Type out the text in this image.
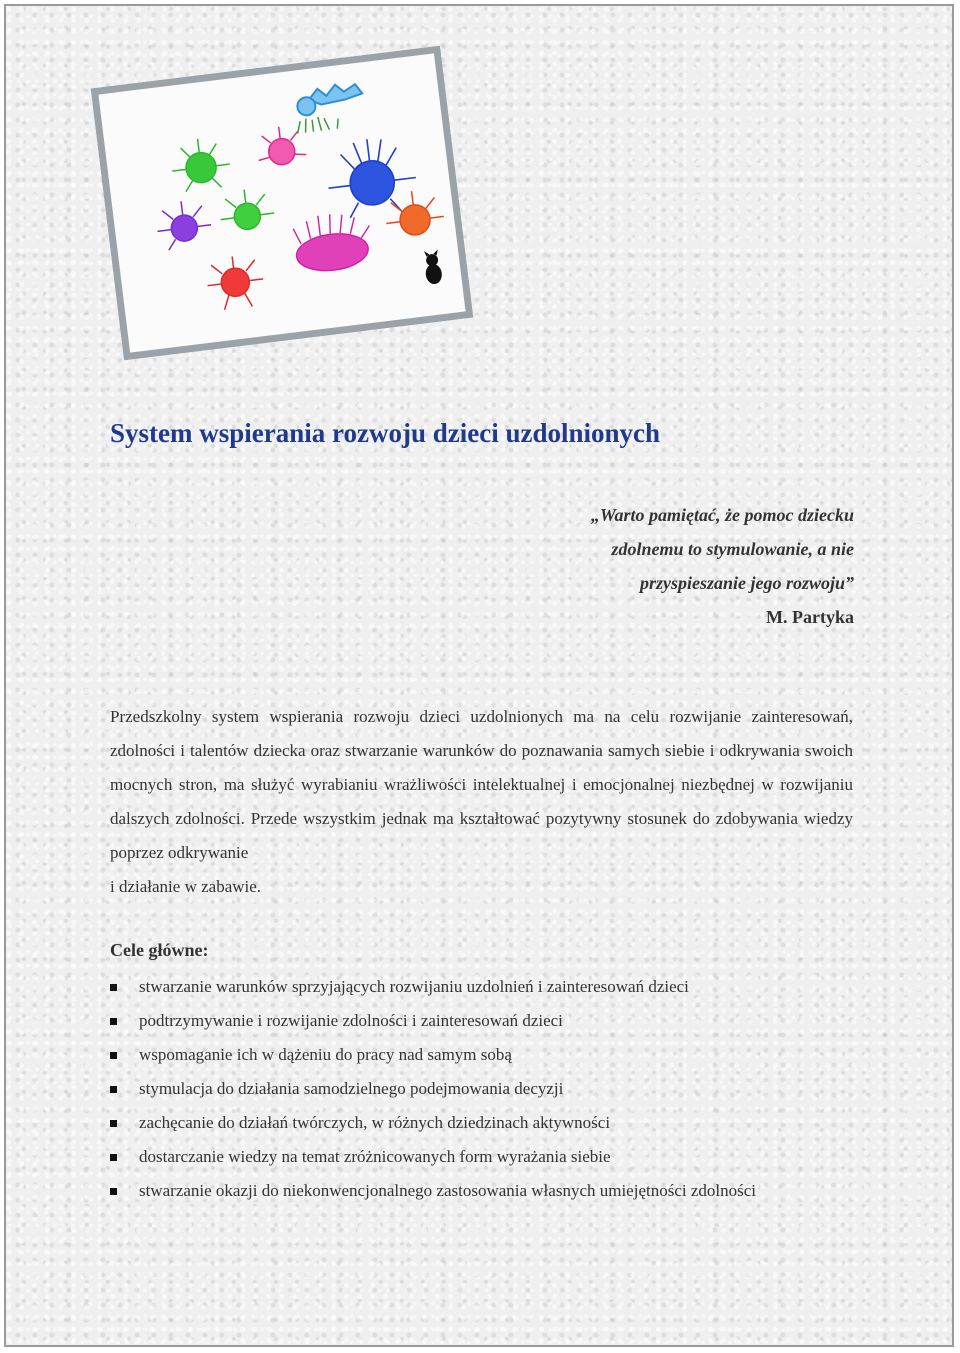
System wspierania rozwoju dzieci uzdolnionych
„Warto pamiętać, że pomoc dziecku
zdolnemu to stymulowanie, a nie
przyspieszanie jego rozwoju”
M. Partyka
Przedszkolny system wspierania rozwoju dzieci uzdolnionych ma na celu rozwijanie zainteresowań, zdolności i talentów dziecka oraz stwarzanie warunków do poznawania samych siebie i odkrywania swoich mocnych stron, ma służyć wyrabianiu wrażliwości intelektualnej i emocjonalnej niezbędnej w rozwijaniu dalszych zdolności. Przede wszystkim jednak ma kształtować pozytywny stosunek do zdobywania wiedzy poprzez odkrywanie
i działanie w zabawie.
Cele główne:
stwarzanie warunków sprzyjających rozwijaniu uzdolnień i zainteresowań dzieci
podtrzymywanie i rozwijanie zdolności i zainteresowań dzieci
wspomaganie ich w dążeniu do pracy nad samym sobą
stymulacja do działania samodzielnego podejmowania decyzji
zachęcanie do działań twórczych, w różnych dziedzinach aktywności
dostarczanie wiedzy na temat zróżnicowanych form wyrażania siebie
stwarzanie okazji do niekonwencjonalnego zastosowania własnych umiejętności zdolności
